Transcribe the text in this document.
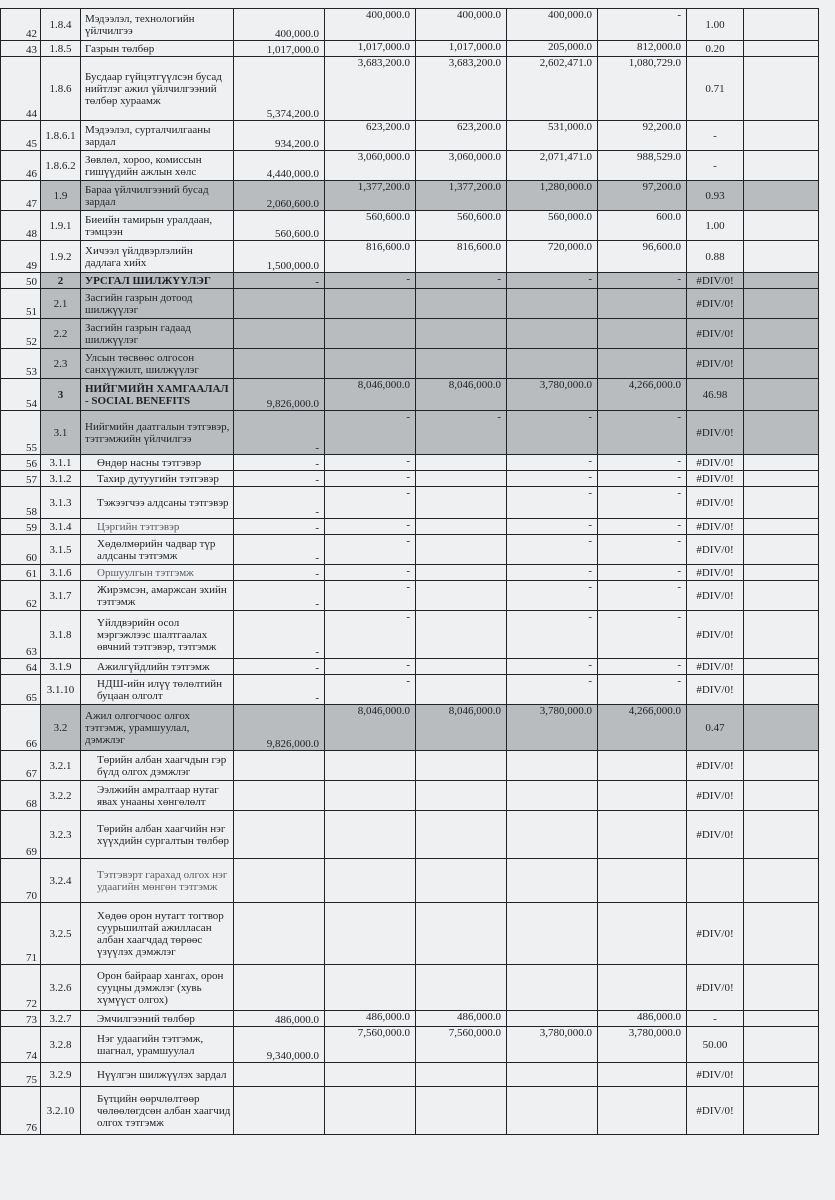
42	1.8.4	Мэдээлэл, технологийн үйлчилгээ	400,000.0	400,000.0	400,000.0	400,000.0	-	1.00	
43	1.8.5	Газрын төлбөр	1,017,000.0	1,017,000.0	1,017,000.0	205,000.0	812,000.0	0.20	
44	1.8.6	Бусдаар гүйцэтгүүлсэн бусад нийтлэг ажил үйлчилгээний төлбөр хураамж	5,374,200.0	3,683,200.0	3,683,200.0	2,602,471.0	1,080,729.0	0.71	
45	1.8.6.1	Мэдээлэл, сурталчилгааны зардал	934,200.0	623,200.0	623,200.0	531,000.0	92,200.0	-	
46	1.8.6.2	Зөвлөл, хороо, комиссын гишүүдийн ажлын хөлс	4,440,000.0	3,060,000.0	3,060,000.0	2,071,471.0	988,529.0	-	
47	1.9	Бараа үйлчилгээний бусад зардал	2,060,600.0	1,377,200.0	1,377,200.0	1,280,000.0	97,200.0	0.93	
48	1.9.1	Биеийн тамирын уралдаан, тэмцээн	560,600.0	560,600.0	560,600.0	560,000.0	600.0	1.00	
49	1.9.2	Хичээл үйлдвэрлэлийн дадлага хийх	1,500,000.0	816,600.0	816,600.0	720,000.0	96,600.0	0.88	
50	2	УРСГАЛ ШИЛЖҮҮЛЭГ	-	-	-	-	-	#DIV/0!	
51	2.1	Засгийн газрын дотоод шилжүүлэг						#DIV/0!	
52	2.2	Засгийн газрын гадаад шилжүүлэг						#DIV/0!	
53	2.3	Улсын төсвөөс олгосон санхүүжилт, шилжүүлэг						#DIV/0!	
54	3	НИЙГМИЙН ХАМГААЛАЛ - SOCIAL BENEFITS	9,826,000.0	8,046,000.0	8,046,000.0	3,780,000.0	4,266,000.0	46.98	
55	3.1	Нийгмийн даатгалын тэтгэвэр, тэтгэмжийн үйлчилгээ	-	-	-	-	-	#DIV/0!	
56	3.1.1	Өндөр насны тэтгэвэр	-	-		-	-	#DIV/0!	
57	3.1.2	Тахир дутуугийн тэтгэвэр	-	-		-	-	#DIV/0!	
58	3.1.3	Тэжээгчээ алдсаны тэтгэвэр	-	-		-	-	#DIV/0!	
59	3.1.4	Цэргийн тэтгэвэр	-	-		-	-	#DIV/0!	
60	3.1.5	Хөдөлмөрийн чадвар түр алдсаны тэтгэмж	-	-		-	-	#DIV/0!	
61	3.1.6	Оршуулгын тэтгэмж	-	-		-	-	#DIV/0!	
62	3.1.7	Жирэмсэн, амаржсан эхийн тэтгэмж	-	-		-	-	#DIV/0!	
63	3.1.8	Үйлдвэрийн осол мэргэжлээс шалтгаалах өвчний тэтгэвэр, тэтгэмж	-	-		-	-	#DIV/0!	
64	3.1.9	Ажилгүйдлийн тэтгэмж	-	-		-	-	#DIV/0!	
65	3.1.10	НДШ-ийн илүү төлөлтийн буцаан олголт	-	-		-	-	#DIV/0!	
66	3.2	Ажил олгогчоос олгох тэтгэмж, урамшуулал, дэмжлэг	9,826,000.0	8,046,000.0	8,046,000.0	3,780,000.0	4,266,000.0	0.47	
67	3.2.1	Төрийн албан хаагчдын гэр бүлд олгох дэмжлэг						#DIV/0!	
68	3.2.2	Ээлжийн амралтаар нутаг явах унааны хөнгөлөлт						#DIV/0!	
69	3.2.3	Төрийн албан хаагчийн нэг хүүхдийн сургалтын төлбөр						#DIV/0!	
70	3.2.4	Тэтгэвэрт гарахад олгох нэг удаагийн мөнгөн тэтгэмж							
71	3.2.5	Хөдөө орон нутагт тогтвор суурьшилтай ажилласан албан хаагчдад төрөөс үзүүлэх дэмжлэг						#DIV/0!	
72	3.2.6	Орон байраар хангах, орон сууцны дэмжлэг (хувь хүмүүст олгох)						#DIV/0!	
73	3.2.7	Эмчилгээний төлбөр	486,000.0	486,000.0	486,000.0		486,000.0	-	
74	3.2.8	Нэг удаагийн тэтгэмж, шагнал, урамшуулал	9,340,000.0	7,560,000.0	7,560,000.0	3,780,000.0	3,780,000.0	50.00	
75	3.2.9	Нүүлгэн шилжүүлэх зардал						#DIV/0!	
76	3.2.10	Бүтцийн өөрчлөлтөөр чөлөөлөгдсөн албан хаагчид олгох тэтгэмж						#DIV/0!	
